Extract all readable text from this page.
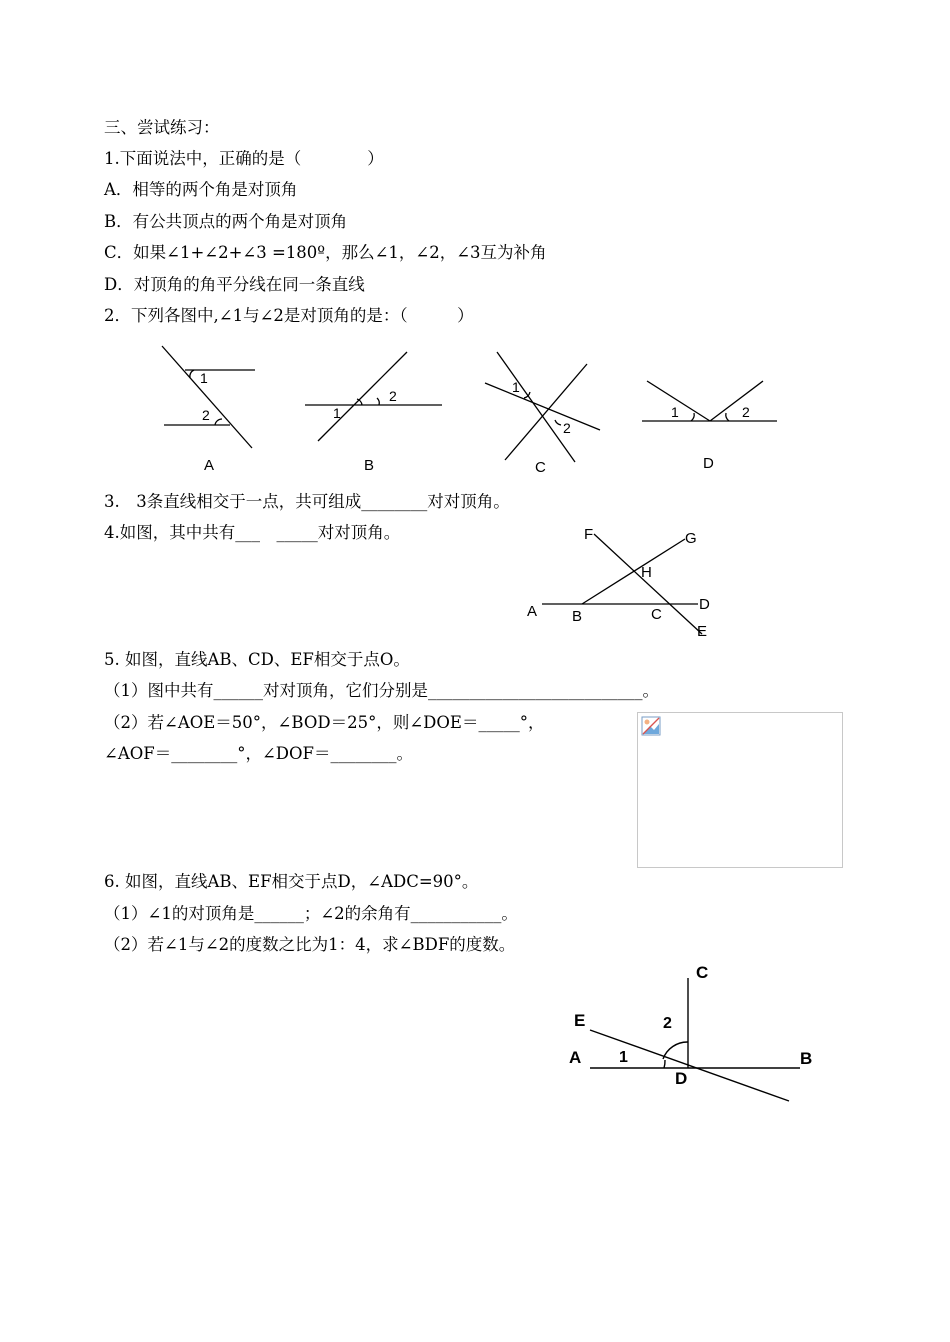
三、尝试练习：
1.下面说法中，正确的是（　　　　）
A．相等的两个角是对顶角
B．有公共顶点的两个角是对顶角
C．如果∠1+∠2+∠3 =180º，那么∠1，∠2，∠3互为补角
D．对顶角的角平分线在同一条直线
2．下列各图中,∠1与∠2是对顶角的是：（　　　）
1
2
A
1
2
B
1
2
C
1	2
D
3.　3条直线相交于一点，共可组成________对对顶角。
4.如图，其中共有___　_____对对顶角。	F	G
H
A B	C
D
E
5. 如图，直线AB、CD、EF相交于点O。
（1）图中共有______对对顶角，它们分别是__________________________。
（2）若∠AOE＝50°，∠BOD＝25°，则∠DOE＝_____°，
∠AOF＝________°，∠DOF＝________。
6. 如图，直线AB、EF相交于点D，∠ADC=90°。
（1）∠1的对顶角是______；∠2的余角有___________。
（2）若∠1与∠2的度数之比为1：4，求∠BDF的度数。
C
E
A
D
B
1
2
